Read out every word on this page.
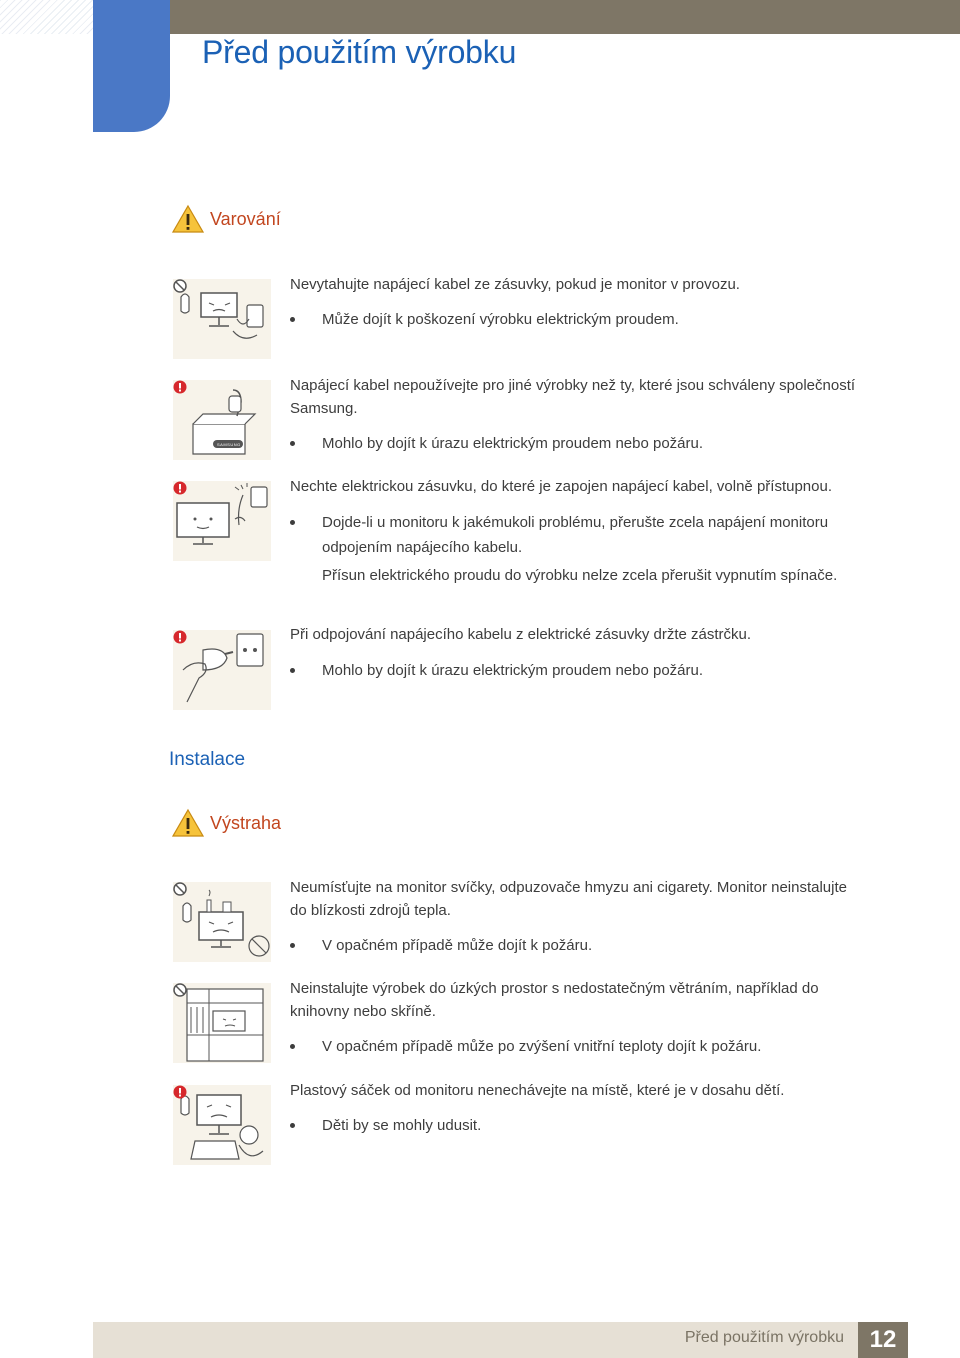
Před použitím výrobku
Varování

Nevytahujte napájecí kabel ze zásuvky, pokud je monitor v provozu.

Může dojít k poškození výrobku elektrickým proudem.

SAMSUNG

Napájecí kabel nepoužívejte pro jiné výrobky než ty, které jsou schváleny společností Samsung.

Mohlo by dojít k úrazu elektrickým proudem nebo požáru.

Nechte elektrickou zásuvku, do které je zapojen napájecí kabel, volně přístupnou.

Dojde-li u monitoru k jakémukoli problému, přerušte zcela napájení monitoru odpojením napájecího kabelu.

Přísun elektrického proudu do výrobku nelze zcela přerušit vypnutím spínače.

Při odpojování napájecího kabelu z elektrické zásuvky držte zástrčku.

Mohlo by dojít k úrazu elektrickým proudem nebo požáru.

Instalace
Výstraha

Neumísťujte na monitor svíčky, odpuzovače hmyzu ani cigarety. Monitor neinstalujte do blízkosti zdrojů tepla.

V opačném případě může dojít k požáru.

Neinstalujte výrobek do úzkých prostor s nedostatečným větráním, například do knihovny nebo skříně.

V opačném případě může po zvýšení vnitřní teploty dojít k požáru.

Plastový sáček od monitoru nenechávejte na místě, které je v dosahu dětí.

Děti by se mohly udusit.

Před použitím výrobku	12
